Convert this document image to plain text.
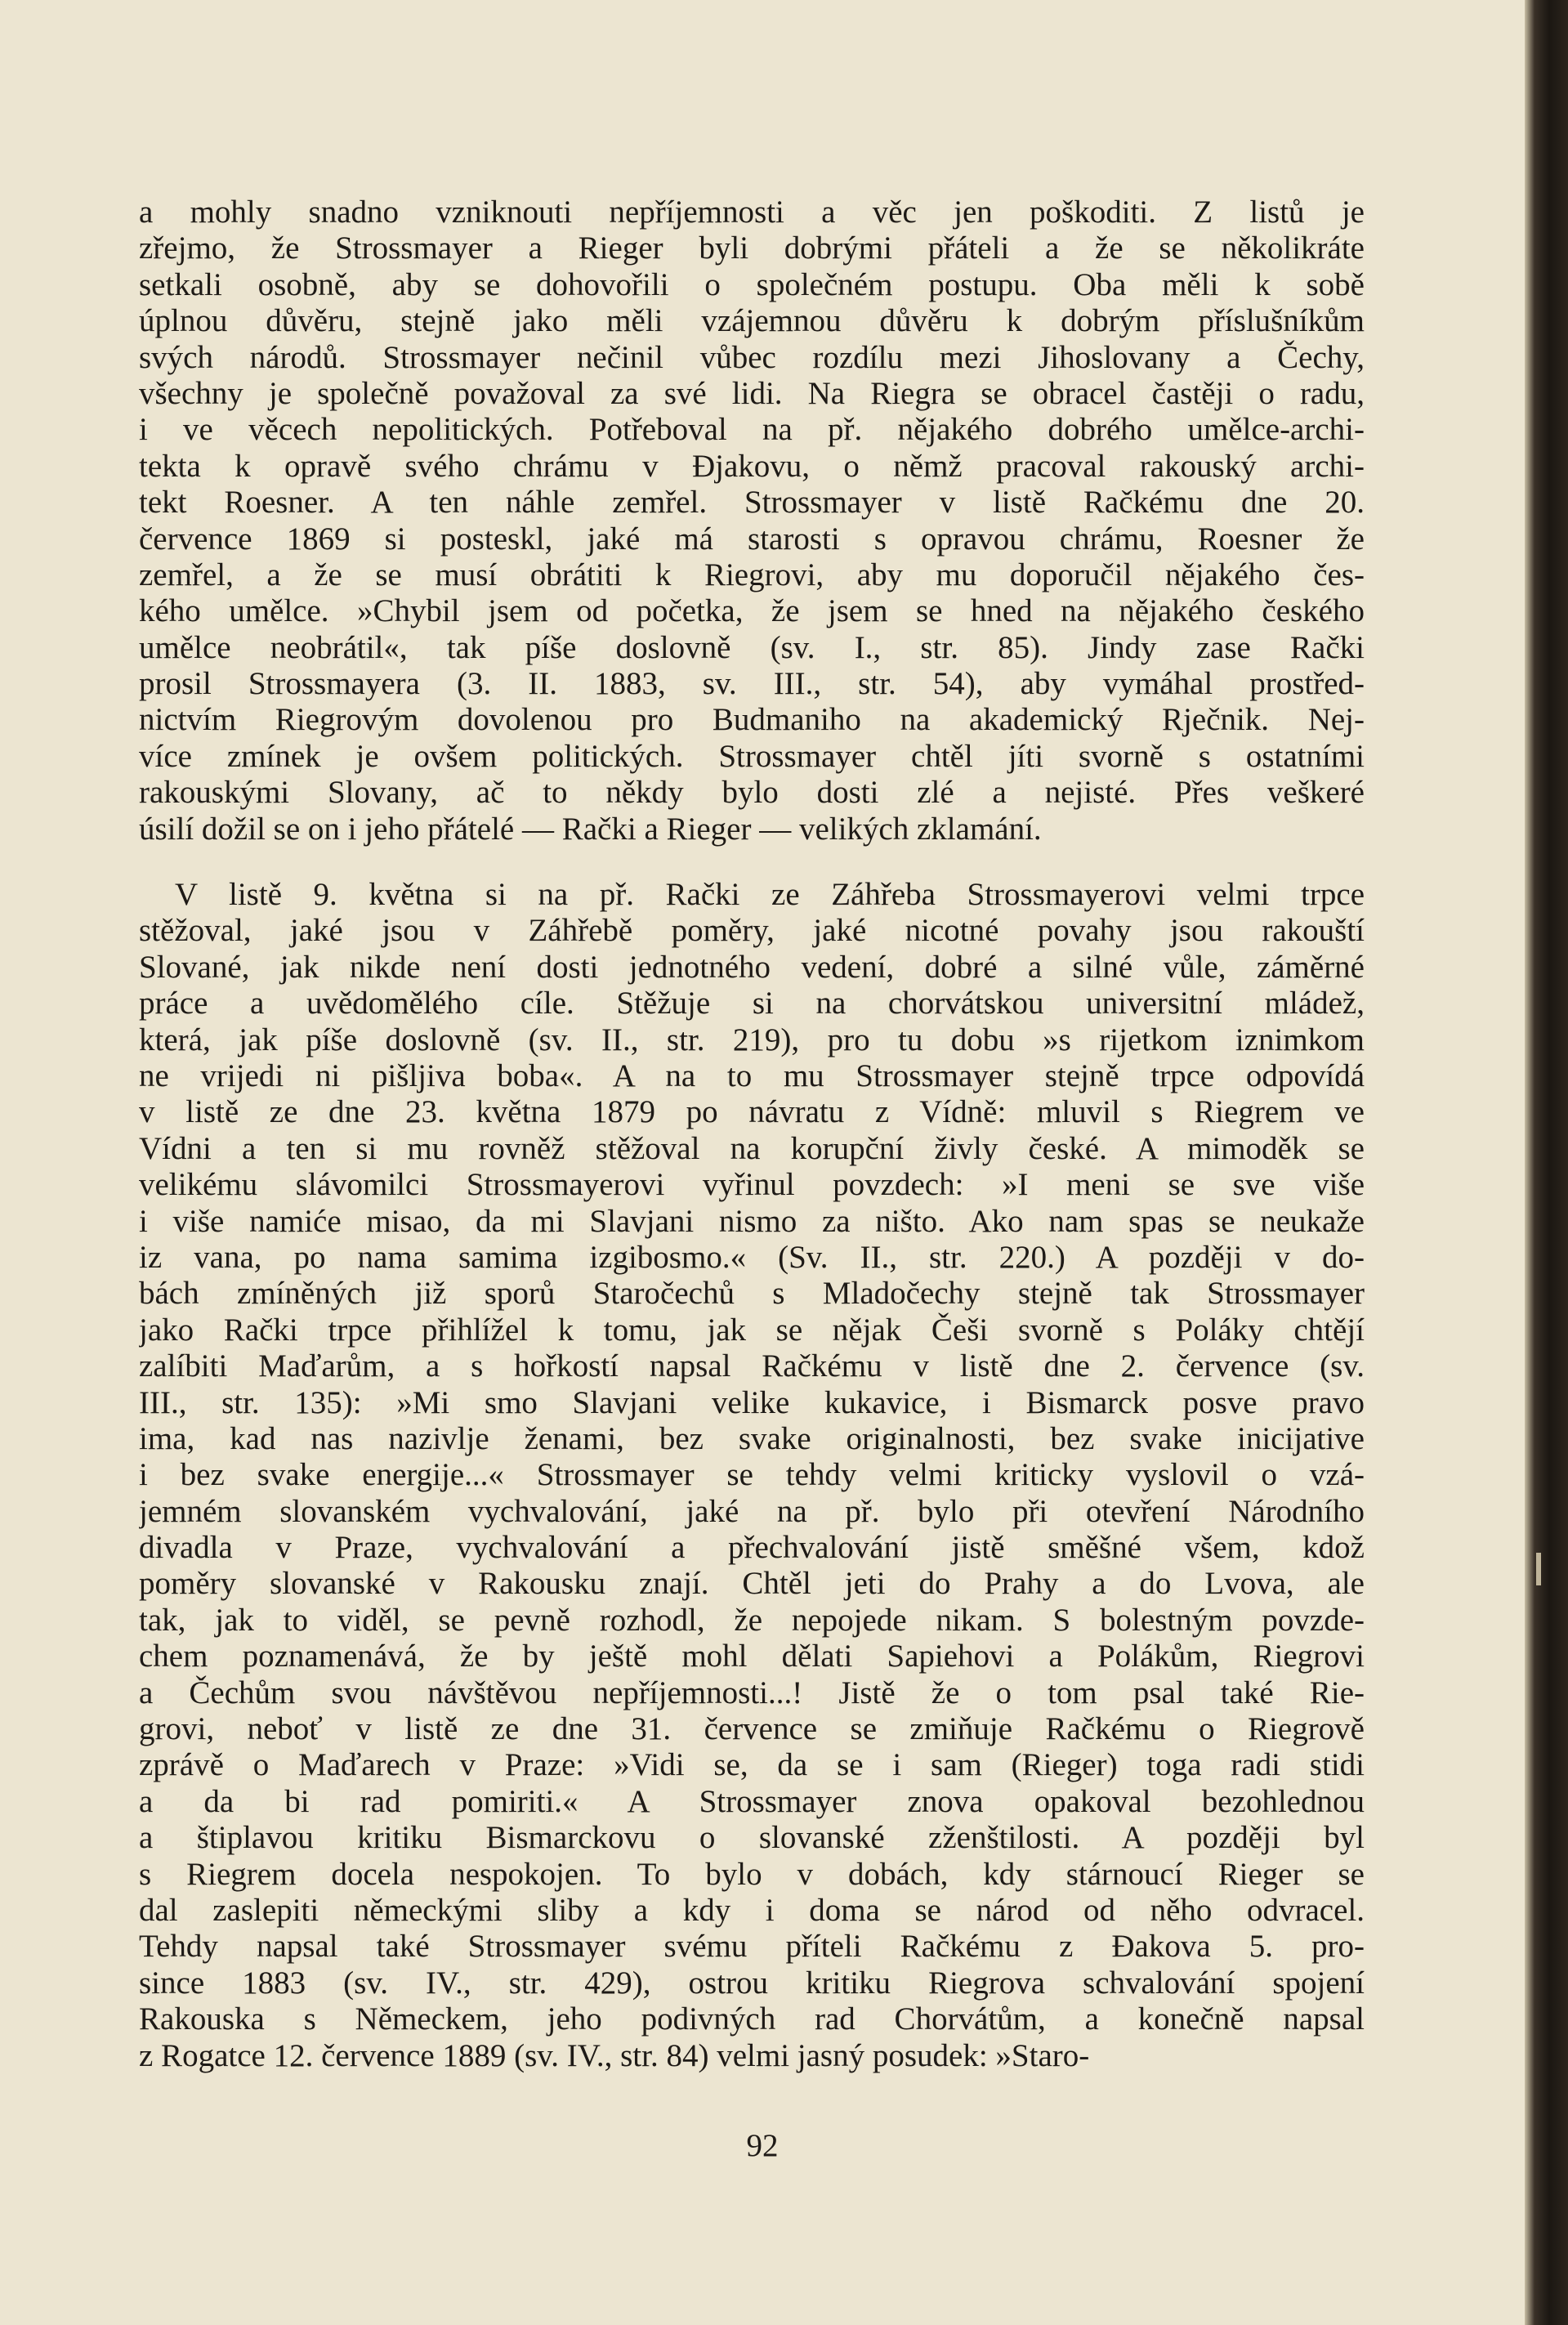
a mohly snadno vzniknouti nepříjemnosti a věc jen poškoditi. Z listů je
zřejmo, že Strossmayer a Rieger byli dobrými přáteli a že se několikráte
setkali osobně, aby se dohovořili o společném postupu. Oba měli k sobě
úplnou důvěru, stejně jako měli vzájemnou důvěru k dobrým příslušníkům
svých národů. Strossmayer nečinil vůbec rozdílu mezi Jihoslovany a Čechy,
všechny je společně považoval za své lidi. Na Riegra se obracel častěji o radu,
i ve věcech nepolitických. Potřeboval na př. nějakého dobrého umělce-archi-
tekta k opravě svého chrámu v Đjakovu, o němž pracoval rakouský archi-
tekt Roesner. A ten náhle zemřel. Strossmayer v listě Račkému dne 20.
července 1869 si posteskl, jaké má starosti s opravou chrámu, Roesner že
zemřel, a že se musí obrátiti k Riegrovi, aby mu doporučil nějakého čes-
kého umělce. »Chybil jsem od početka, že jsem se hned na nějakého českého
umělce neobrátil«, tak píše doslovně (sv. I., str. 85). Jindy zase Rački
prosil Strossmayera (3. II. 1883, sv. III., str. 54), aby vymáhal prostřed-
nictvím Riegrovým dovolenou pro Budmaniho na akademický Rječnik. Nej-
více zmínek je ovšem politických. Strossmayer chtěl jíti svorně s ostatními
rakouskými Slovany, ač to někdy bylo dosti zlé a nejisté. Přes veškeré
úsilí dožil se on i jeho přátelé — Rački a Rieger — velikých zklamání.
V listě 9. května si na př. Rački ze Záhřeba Strossmayerovi velmi trpce
stěžoval, jaké jsou v Záhřebě poměry, jaké nicotné povahy jsou rakouští
Slované, jak nikde není dosti jednotného vedení, dobré a silné vůle, záměrné
práce a uvědomělého cíle. Stěžuje si na chorvátskou universitní mládež,
která, jak píše doslovně (sv. II., str. 219), pro tu dobu »s rijetkom iznimkom
ne vrijedi ni pišljiva boba«. A na to mu Strossmayer stejně trpce odpovídá
v listě ze dne 23. května 1879 po návratu z Vídně: mluvil s Riegrem ve
Vídni a ten si mu rovněž stěžoval na korupční živly české. A mimoděk se
velikému slávomilci Strossmayerovi vyřinul povzdech: »I meni se sve više
i više namiće misao, da mi Slavjani nismo za ništo. Ako nam spas se neukaže
iz vana, po nama samima izgibosmo.« (Sv. II., str. 220.) A později v do-
bách zmíněných již sporů Staročechů s Mladočechy stejně tak Strossmayer
jako Rački trpce přihlížel k tomu, jak se nějak Češi svorně s Poláky chtějí
zalíbiti Maďarům, a s hořkostí napsal Račkému v listě dne 2. července (sv.
III., str. 135): »Mi smo Slavjani velike kukavice, i Bismarck posve pravo
ima, kad nas nazivlje ženami, bez svake originalnosti, bez svake inicijative
i bez svake energije...« Strossmayer se tehdy velmi kriticky vyslovil o vzá-
jemném slovanském vychvalování, jaké na př. bylo při otevření Národního
divadla v Praze, vychvalování a přechvalování jistě směšné všem, kdož
poměry slovanské v Rakousku znají. Chtěl jeti do Prahy a do Lvova, ale
tak, jak to viděl, se pevně rozhodl, že nepojede nikam. S bolestným povzde-
chem poznamenává, že by ještě mohl dělati Sapiehovi a Polákům, Riegrovi
a Čechům svou návštěvou nepříjemnosti...! Jistě že o tom psal také Rie-
grovi, neboť v listě ze dne 31. července se zmiňuje Račkému o Riegrově
zprávě o Maďarech v Praze: »Vidi se, da se i sam (Rieger) toga radi stidi
a da bi rad pomiriti.« A Strossmayer znova opakoval bezohlednou
a štiplavou kritiku Bismarckovu o slovanské zženštilosti. A později byl
s Riegrem docela nespokojen. To bylo v dobách, kdy stárnoucí Rieger se
dal zaslepiti německými sliby a kdy i doma se národ od něho odvracel.
Tehdy napsal také Strossmayer svému příteli Račkému z Đakova 5. pro-
since 1883 (sv. IV., str. 429), ostrou kritiku Riegrova schvalování spojení
Rakouska s Německem, jeho podivných rad Chorvátům, a konečně napsal
z Rogatce 12. července 1889 (sv. IV., str. 84) velmi jasný posudek: »Staro-
92
